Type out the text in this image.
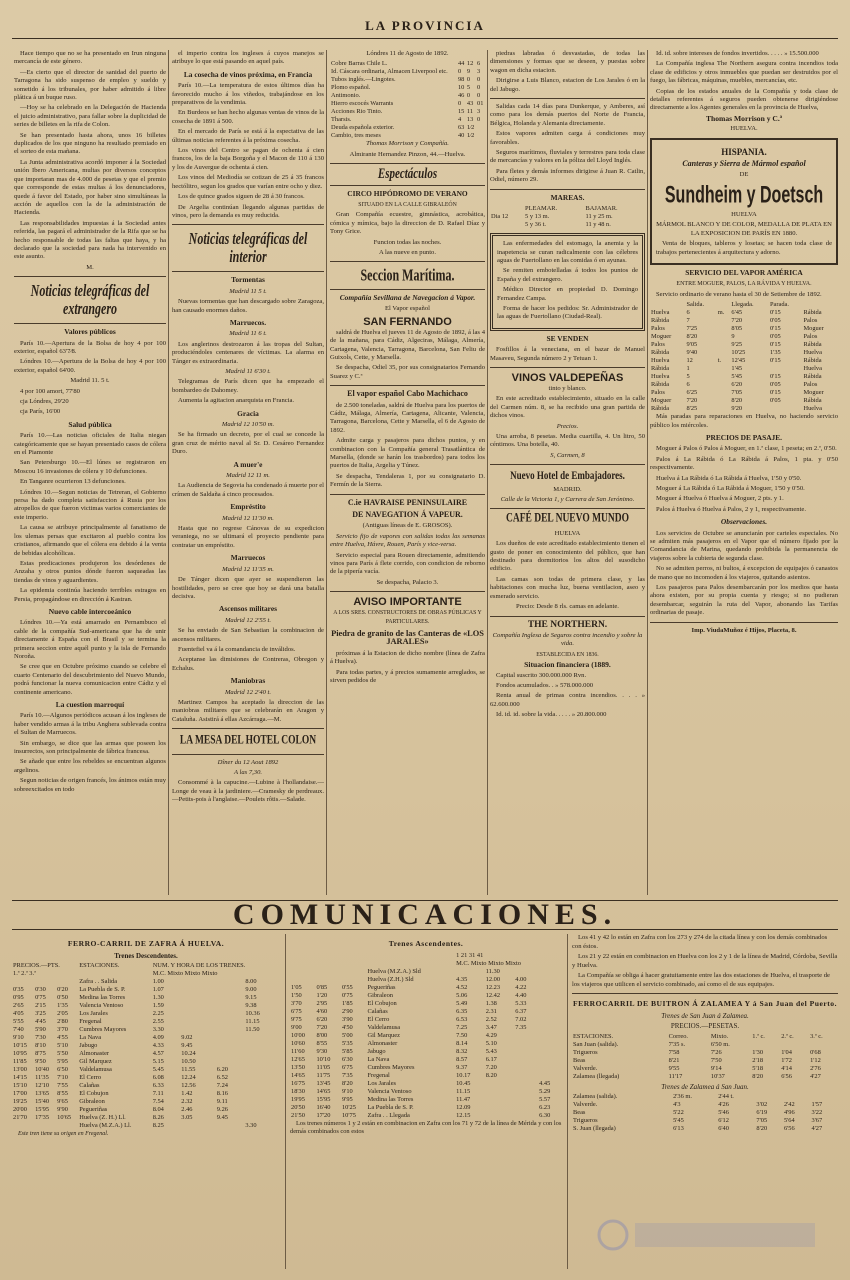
LA PROVINCIA

Hace tiempo que no se ha presentado en Irun ninguna mercancía de este género.

—Es cierto que el director de sanidad del puerto de Tarragona ha sido suspenso de empleo y sueldo y sometido á los tribunales, por haber admitido á libre plática á un buque ruso.

—Hoy se ha celebrado en la Delegación de Hacienda el juicio administrativo, para fallar sobre la duplicidad de series de billetes en la rifa de Colon.

Se han presentado hasta ahora, unos 16 billetes duplicados de los que ninguno ha resultado premiado en el sorteo de esta mañana.

La Junta administrativa acordó imponer á la Sociedad unión Ibero Americana, multas por diversos conceptos que importaran mas de 4.000 de pesetas y que el premio que corresponde de estas multas á los denunciadores, quede á favor del Estado, por haber sino simultáneas la acción de aquellos con la de la administración de Hacienda.

Las responsabilidades impuestas á la Sociedad antes referida, las pagará el administrador de la Rifa que se ha hecho responsable de todas las faltas que haya, y ha declarado que la sociedad para nada ha intervenido en este asunto.

M.

Noticias telegráficas del extrangero
Valores públicos

París 10.—Apertura de la Bolsa de hoy 4 por 100 exterior, español 63'7⁄8.

Lóndres 10.—Apertura de la Bolsa de hoy 4 por 100 exterior, español 64'00.

Madrid 11. 5 t.

4 por 100 amort, 77'80

cja Lóndres, 29'20

cja París, 16'00

Salud pública

París 10.—Las noticias oficiales de Italia niegan categóricamente que se hayan presentado casos de cólera en el Piamonte

San Petersburgo 10.—El lúnes se registraron en Moscou 16 invasiones de cólera y 10 defunciones.

En Tanganre ocurrieron 13 defunciones.

Lóndres 10.—Segun noticias de Tetreran, el Gobierno persa ha dado completa satisfaccion á Rusia por los atropellos de que fueron victimas varios comerciantes de este imperio.

La causa se atribuye principalmente al fanatismo de los ulemas persas que excitaron al pueblo contra los cristianos, afirmando que el cólera era debido á la venta de bebidas alcohólicas.

Estas predicaciones produjeron los desórdenes de Anzaha y otros puntos dónde fueron saqueadas las tiendas de vinos y aguardientes.

La epidemia continúa haciendo terribles estragos en Persia, propagándose en dirección á Kastran.

Nuevo cable intercoeánico

Lóndres 10.—Ya está amarrado en Pernambuco el cable de la compañía Sud-americana que ha de unir directamente á España con el Brasil y se termina la primera seccion entre aquél punto y la isla de Fernando Noroña.

Se cree que en Octubre próximo cuando se celebre el cuarto Centenario del descubrimiento del Nuevo Mundo, podrá funcionar la nueva comunicacion entre Cádiz y el continente americano.

La cuestion marroquí

París 10.—Algunos periódicos acusan á los ingleses de haber vendido armas á la tribu Anghera sublevada contra el Sultan de Marruecos.

Sin embargo, se dice que las armas que poseen los insurrectos, son principalmente de fábrica francesa.

Se añade que entre los rebeldes se encuentran algunos argelinos.

Segun noticias de origen francés, los ánimos están muy sobreexcitados en todo

el imperio contra los ingleses á cuyos manejos se atribuye lo que está pasando en aquel país.

La cosecha de vinos próxima, en Francia

París 10.—La temperatura de estos últimos días ha favorecido mucho á los viñedos, trabajándose en los preparativos de la vendimia.

En Burdeos se han hecho algunas ventas de vinos de la cosecha de 1891 á 500.

En el mercado de París se está á la espectativa de las últimas noticias referentes á la próxima cosecha.

Los vinos del Centro se pagan de ochenta á cien francos, los de la baja Borgoña y el Macon de 110 á 130 y los de Auvergue de ochenta á cien.

Los vinos del Mediodía se cotizan de 25 á 35 francos hectólitro, segun los grados que varían entre ocho y diez.

Los de quince grados siguen de 28 á 30 francos.

De Argelia continúan llegando algunas partidas de vinos, pero la demanda es muy reducida.

Noticias telegráficas del interior
Tormentas

Madrid 11 5 t.

Nuevas tormentas que han descargado sobre Zaragoza, han causado enormes daños.

Marruecos.

Madrid 11 6 t.

Los anglerinos destrozaron á las tropas del Sultan, produciéndoles centenares de víctimas. La alarma en Tánger es extraordinaria.

Madrid 11 6'30 t.

Telegramas de París dicen que ha empezado el bombardeo de Dahomey.

Aumenta la agitacion anarquista en Francia.

Gracia

Madrid 12 10'50 m.

Se ha firmado un decreto, por el cual se concede la gran cruz de mérito naval al Sr. D. Cesáreo Fernandez Duro.

A muer'e

Madrid 12 11 m.

La Audiencia de Segovia ha condenado á muerte por el crímen de Saldaña á cinco procesados.

Empréstito

Madrid 12 11'30 m.

Hasta que no regrese Cánovas de su expedicion veraniega, no se ultimará el proyecto pendiente para contratar un empréstito.

Marruecos

Madrid 12 11'35 m.

De Tánger dicen que ayer se suspendieron las hostilidades, pero se cree que hoy se dará una batalla decisiva.

Ascensos militares

Madrid 12 2'55 t.

Se ha enviado de San Sebastian la combinacion de ascensos militares.

Fuentefiel va á la comandancia de inválidos.

Aceptanse las dimisiones de Contreras, Obregon y Echalus.

Maniobras

Madrid 12 2'40 t.

Martinez Campos ha aceptado la direccion de las maniobras militares que se celebrarán en Aragon y Cataluña. Asistirá á ellas Azcárraga.—M.

LA MESA DEL HOTEL COLON

Dîner du 12 Aout 1892

A las 7,30.

Consommé à la capucine.—Lubine à l'hollandaise.—Longe de veau à la jardiniere.—Cramesky de perdreaux.—Petits-pois à l'anglaise.—Poulets rôtis.—Salade.

Lóndres 11 de Agosto de 1892.

Cobre Barras Chile L.	44	12	6
Id. Cáscara ordinaria, Almacen Liverpool etc.	0	9	3
Tubos inglés.—Lingotes.	98	0	0
Plomo español.	10	5	0
Antimonio.	46	0	0
Hierro escocés Warrants	0	43	01
Acciones Rio Tinto.	15	11	3
Tharsis.	4	13	0
Deuda española exterior.	63	1⁄2	
Cambio, tres meses	40	1⁄2	

Thomas Morrison y Compañía.

Almirante Hernandez Pinzon, 44.—Huelva.

Espectáculos
CIRCO HIPÓDROMO DE VERANO

SITUADO EN LA CALLE GIBRALEÓN

Gran Compañía ecuestre, gimnástica, acrobática, cómica y mímica, bajo la direccion de D. Rafael Díaz y Tony Grice.

Funcion todas las noches.

A las nueve en punto.

Seccion Marítima.
Compañía Sevillana de Navegacion á Vapor.

El Vapor español

SAN FERNANDO

saldrá de Huelva el jueves 11 de Agosto de 1892, á las 4 de la mañana, para Cádiz, Algeciras, Málaga, Almería, Cartagena, Valencia, Tarragona, Barcelona, San Feliu de Guixols, Cette, y Marsella.

Se despacha, Odiel 35, por sus consignatarios Fernando Suarez y C.ª

El vapor español Cabo Machichaco

de 2.500 toneladas, saldrá de Huelva para los puertos de Cádiz, Málaga, Almería, Cartagena, Alicante, Valencia, Tarragona, Barcelona, Cette y Marsella, el 6 de Agosto de 1892.

Admite carga y pasajeros para dichos puntos, y en combinacion con la Compañía general Trasatlántica de Marsella, (donde se harán los trasbordos) para todos los puertos de Italia, Argelia y Túnez.

Se despacha, Tendaleras 1, por su consignatario D. Fermín de la Sierra.

C.ie HAVRAISE PENINSULAIRE
DE NAVEGATION Á VAPEUR.

(Antiguas líneas de E. GROSOS).

Servicio fijo de vapores con salidas todas las semanas entre Huelva, Hávre, Rouen, París y vice-versa.

Servicio especial para Rouen directamente, admitiendo vinos para París á flete corrido, con condicion de reborno de la pipería vacía.

Se despacha, Palacio 3.

AVISO IMPORTANTE

A LOS SRES. CONSTRUCTORES DE OBRAS PÚBLICAS Y PARTICULARES.

Piedra de granito de las Canteras de «LOS JARALES»

próximas á la Estacion de dicho nombre (línea de Zafra á Huelva).

Para todas partes, y á precios sumamente arreglados, se sirven pedidos de

piedras labradas ó desvastadas, de todas las dimensiones y formas que se deseen, y puestas sobre wagon en dicha estacion.

Dirigirse a Luis Blanco, estacion de Los Jarales ó en la del Jabugo.

Salidas cada 14 días para Dunkerque, y Amberes, así como para los demás puertos del Norte de Francia, Bélgica, Holanda y Alemania directamente.

Estos vapores admiten carga á condiciones muy favorables.

Seguros marítimos, fluviales y terrestres para toda clase de mercancías y valores en la póliza del Lloyd Inglés.

Para fletes y demás informes dirigirse á Juan R. Catlin, Odiel, número 29.

MAREAS.
	PLEAMAR.	BAJAMAR.
Dia 12	5 y 13 m.	11 y 25 m.
	5 y 36 t.	11 y 48 n.

Las enfermedades del estomago, la anemia y la inapetencia se curan radicalmente con las célebres aguas de Fuertollano en las comidas ó en ayunas.

Se remiten embotelladas á todos los puntos de España y del extrangero.

Médico Director en propiedad D. Domingo Fernandez Campa.

Forma de hacer los pedidos: Sr. Administrador de las aguas de Fuertollano (Ciudad-Real).

SE VENDEN

Fosfillos á la veneciana, en el bazar de Manuel Masaveu, Segunda número 2 y Tetuan 1.

VINOS VALDEPEÑAS

tinto y blanco.

En este acreditado establecimiento, situado en la calle del Carmen núm. 8, se ha recibido una gran partida de dichos vinos.

Precios.

Una arroba, 8 pesetas. Media cuartilla, 4. Un litro, 50 céntimos. Una botella, 40.

S, Carmen, 8

Nuevo Hotel de Embajadores.

MADRID.

Calle de la Victoria 1, y Carrera de San Jerónimo.

CAFÉ DEL NUEVO MUNDO

HUELVA

Los dueños de este acreditado establecimiento tienen el gusto de poner en conocimiento del público, que han destinado para dormitorios los altos del susodicho edificio.

Las camas son todas de primera clase, y las habitaciones con mucha luz, buena ventilacion, aseo y esmerado servicio.

Precio: Desde 8 rls. camas en adelante.

THE NORTHERN.

Compañía Inglesa de Seguros contra incendio y sobre la vida.

ESTABLECIDA EN 1836.

Situacion financiera (1889.

Capital suscrito 300.000.000 Rvn.

Fondos acumulados. . » 578.000.000

Renta anual de primas contra incendios. . . . » 62.600.000

Id. id. id. sobre la vida. . . . . » 20.800.000

Id. id. sobre intereses de fondos invertidos. . . . . » 15.500.000

La Compañía inglesa The Northern asegura contra incendios toda clase de edificios y otros inmuebles que puedan ser destruidos por el fuego, las fábricas, máquinas, muebles, mercancías, etc.

Copias de los estados anuales de la Compañía y toda clase de detalles referentes á seguros pueden obtenerse dirigiéndose directamente a los Agentes generales en la provincia de Huelva,

Thomas Morrison y C.ª

HUELVA.

HISPANIA.
Canteras y Sierra de Mármol español

DE

Sundheim y Doetsch

HUELVA

MÁRMOL BLANCO Y DE COLOR, MEDALLA DE PLATA EN LA EXPOSICION DE PARÍS EN 1880.

Venta de bloques, tableros y losetas; se hacen toda clase de trabajos pertenecientes á arquitectura y adorno.

SERVICIO DEL VAPOR AMÉRICA

ENTRE MOGUER, PALOS, LA RÁVIDA Y HUELVA.

Servicio ordinario de verano hasta el 30 de Setiembre de 1892.

	Salida.		Llegada.	Parada.	
Huelva	6	m.	6'45	0'15	Rábida
Rábida	7		7'20	0'05	Palos
Palos	7'25		8'05	0'15	Moguer
Moguer	8'20		9	0'05	Palos
Palos	9'05		9'25	0'15	Rábida
Rábida	9'40		10'25	1'35	Huelva
Huelva	12	t.	12'45	0'15	Rábida
Rábida	1		1'45		Huelva
Huelva	5		5'45	0'15	Rábida
Rábida	6		6'20	0'05	Palos
Palos	6'25		7'05	0'15	Moguer
Moguer	7'20		8'20	0'05	Rábida
Rábida	8'25		9'20		Huelva

Más paradas para reparaciones en Huelva, no haciendo servicio público los miércoles.

PRECIOS DE PASAJE.

Moguer á Palos ó Palos á Moguer, en 1.ª clase, 1 peseta; en 2.ª, 0'50.

Palos á La Rábida ó La Rábida á Palos, 1 pta. y 0'50 respectivamente.

Huelva á La Rábida ó La Rábida á Huelva, 1'50 y 0'50.

Moguer á La Rábida ó La Rábida á Moguer, 1'50 y 0'50.

Moguer á Huelva ó Huelva á Moguer, 2 pts. y 1.

Palos á Huelva ó Huelva á Palos, 2 y 1, respectivamente.

Observaciones.

Los servicios de Octubre se anunciarán por carteles especiales. No se admiten más pasajeros en el Vapor que el número fijado por la Comandancia de Marina, quedando prohibida la permanencia de viajeros sobre la cubierta de segunda clase.

No se admiten perros, ni bultos, á excepcion de equipajes ó canastos de mano que no incomoden á los viajeros, quitando asientos.

Los pasajeros para Palos desembarcarán por los medios que hasta ahora existen, por su propia cuenta y riesgo; si no pudieran desembarcar, seguirán la ruta del Vapor, abonando las Tarifas ordinarias de pasaje.

Imp. ViudaMuñoz é Hijos, Placeta, 8.

COMUNICACIONES.
FERRO-CARRIL DE ZAFRA Á HUELVA.
Trenes Descendentes.
PRECIOS.—PTS.			ESTACIONES.	NUM. Y HORA DE LOS TRENES.			
1.ª 2.ª 3.ª				M.C. Mixto Mixto Mixto			
			Zafra . . Salida	1.00			8.00
0'35	0'30	0'20	La Puebla de S. P.	1.07			9.00
0'95	0'75	0'50	Medina las Torres	1.30			9.15
2'65	2'15	1'35	Valencia Ventoso	1.59			9.38
4'05	3'25	2'05	Los Jarales	2.25			10.36
5'55	4'45	2'80	Fregenal	2.55			11.15
7'40	5'90	3'70	Cumbres Mayores	3.30			11.50
9'10	7'30	4'55	La Nava	4.09	9.02		
10'15	8'10	5'10	Jabugo	4.33	9.45		
10'95	8'75	5'50	Almonaster	4.57	10.24		
11'85	9'50	5'95	Gil Marquez	5.15	10.50		
13'00	10'40	6'50	Valdelamusa	5.45	11.55	6.20	
14'15	11'35	7'10	El Cerro	6.08	12.24	6.52	
15'10	12'10	7'55	Calañas	6.33	12.56	7.24	
17'00	13'65	8'55	El Cobujon	7.11	1.42	8.16	
19'25	15'40	9'65	Gibraleon	7.54	2.32	9.11	
20'00	15'95	9'90	Pegueriñas	8.04	2.46	9.26	
21'70	17'35	10'65	Huelva (Z. H.) Ll.	8.26	3.05	9.45	
			Huelva (M.Z.A.) Ll.	8.25			3.30

Este tren tiene su origen en Fregenal.

Trenes Ascendentes.
				1 21 31 41			
				M.C. Mixto Mixto Mixto			
			Huelva (M.Z.A.) Sld		11.30		
			Huelva (Z.H.) Sld	4.35	12.00	4.00	
1'05	0'85	0'55	Pegueriñas	4.52	12.23	4.22	
1'50	1'20	0'75	Gibraleon	5.06	12.42	4.40	
3'70	2'95	1'85	El Cobujon	5.49	1.38	5.33	
6'75	4'60	2'90	Calañas	6.35	2.31	6.37	
9'75	6'20	3'90	El Cerro	6.53	2.52	7.02	
9'00	7'20	4'50	Valdelamusa	7.25	3.47	7.35	
10'00	8'00	5'00	Gil Marquez	7.50	4.29		
10'60	8'55	5'35	Almonaster	8.14	5.10		
11'60	9'30	5'85	Jabugo	8.32	5.43		
12'65	10'10	6'30	La Nava	8.57	6.17		
13'50	11'05	6'75	Cumbres Mayores	9.37	7.20		
14'65	11'75	7'35	Fregenal	10.17	8.20		
16'75	13'45	8'20	Los Jarales	10.45			4.45
18'30	14'65	9'10	Valencia Ventoso	11.15			5.29
19'95	15'95	9'95	Medina las Torres	11.47			5.57
20'50	16'40	10'25	La Puebla de S. P.	12.09			6.23
21'50	17'20	10'75	Zafra . . Llegada	12.15			6.30

Los trenes números 1 y 2 están en combinacion en Zafra con los 71 y 72 de la línea de Mérida y con los demás combinados con estos

Los 41 y 42 lo están en Zafra con los 273 y 274 de la citada línea y con los demás combinados con éstos.

Los 21 y 22 están en combinacion en Huelva con los 2 y 1 de la línea de Madrid, Córdoba, Sevilla y Huelva.

La Compañía se obliga á hacer gratuitamente entre las dos estaciones de Huelva, el trasporte de los viajeros que utilicen el servicio combinado, así como el de sus equipajes.

FERROCARRIL DE BUITRON Á ZALAMEA Y á San Juan del Puerto.
Trenes de San Juan á Zalamea.
PRECIOS.—PESETAS.
ESTACIONES.	Correo.	Mixto.	1.ª c.	2.ª c.	3.ª c.
San Juan (salida).	7'35 s.	6'50 m.			
Trigueros	7'58	7'26	1'30	1'04	0'68
Beas	8'21	7'50	2'18	1'72	1'12
Valverde.	9'55	9'14	5'18	4'14	2'76
Zalamea (llegada)	11'17	10'37	8'20	6'56	4'27
Trenes de Zalamea á San Juan.
Zalamea (salida).	2'36 m.	2'44 t.			
Valverde.	4'3	4'26	3'02	2'42	1'57
Beas	5'22	5'46	6'19	4'96	3'22
Trigueros	5'45	6'12	7'05	5'64	3'67
S. Juan (llegada)	6'13	6'40	8'20	6'56	4'27
